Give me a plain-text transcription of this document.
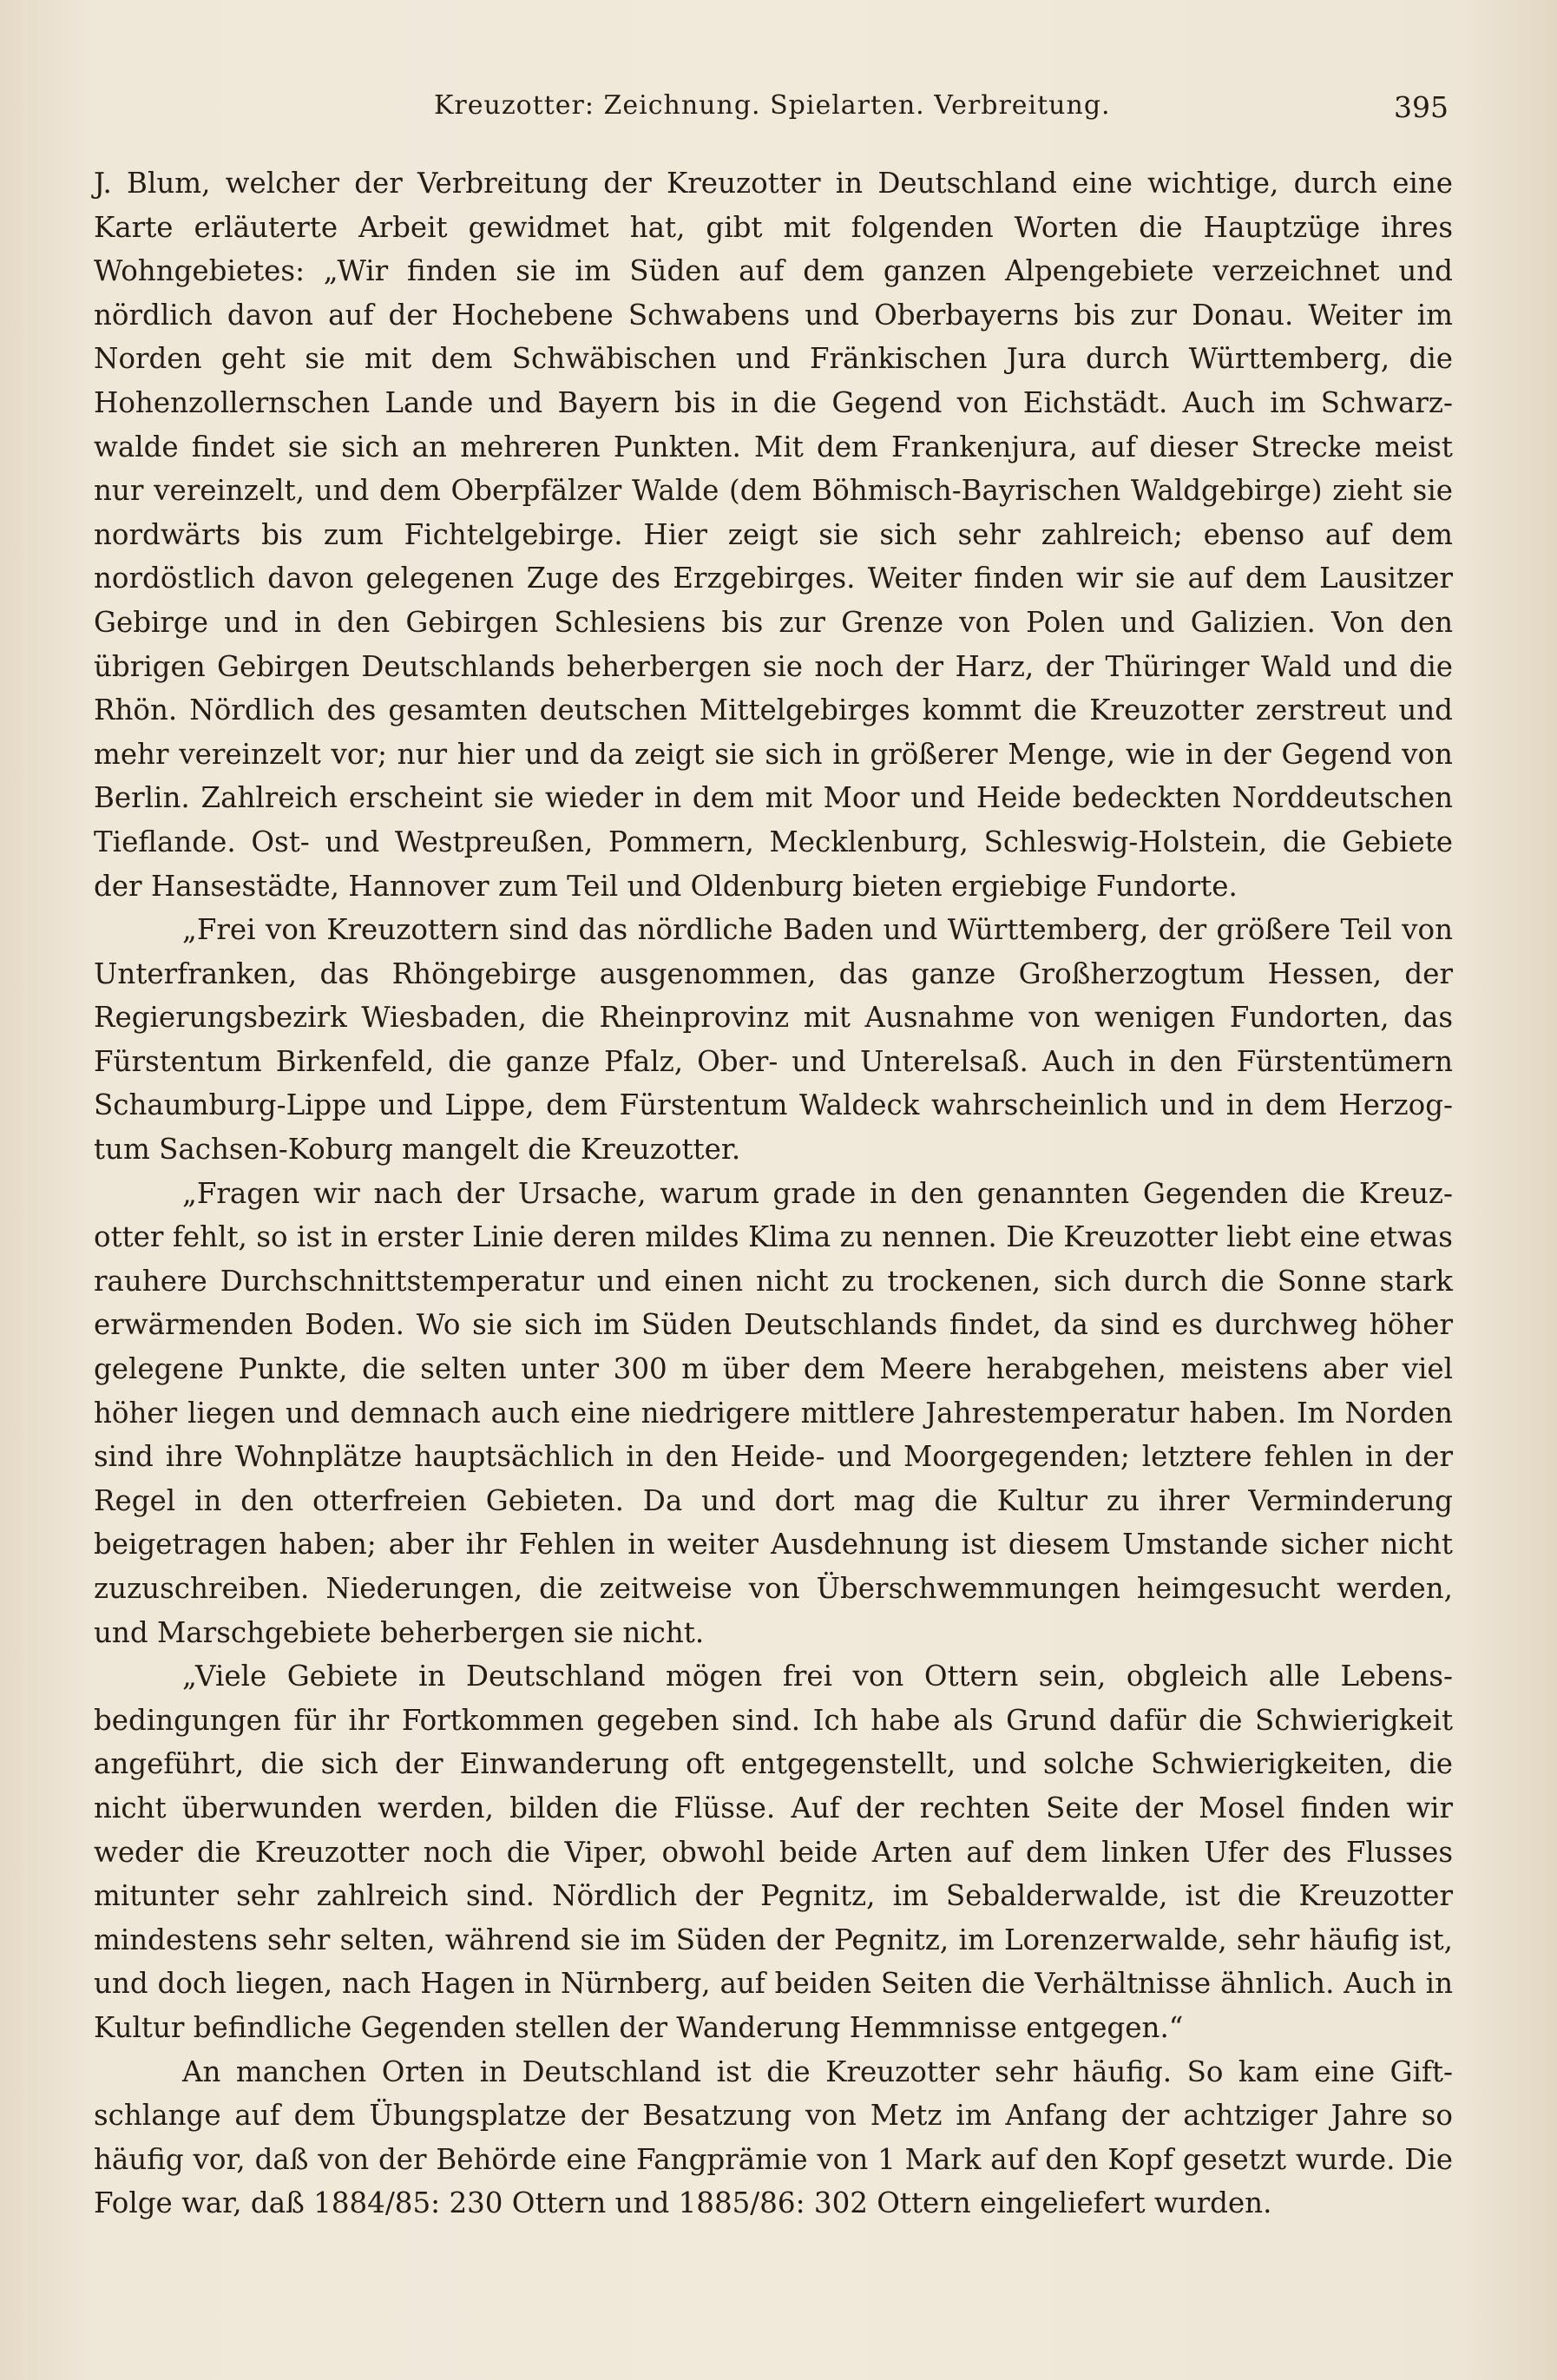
Kreuzotter: Zeichnung. Spielarten. Verbreitung.	395

J. Blum, welcher der Verbreitung der Kreuzotter in Deutschland eine wichtige, durch eine Karte erläuterte Arbeit gewidmet hat, gibt mit folgenden Worten die Hauptzüge ihres Wohngebietes: „Wir finden sie im Süden auf dem ganzen Alpengebiete verzeichnet und nördlich davon auf der Hochebene Schwabens und Oberbayerns bis zur Donau. Weiter im Norden geht sie mit dem Schwäbischen und Fränkischen Jura durch Württemberg, die Hohenzollernschen Lande und Bayern bis in die Gegend von Eichstädt. Auch im Schwarzwalde findet sie sich an mehreren Punkten. Mit dem Frankenjura, auf dieser Strecke meist nur vereinzelt, und dem Oberpfälzer Walde (dem Böhmisch-Bayrischen Waldgebirge) zieht sie nordwärts bis zum Fichtelgebirge. Hier zeigt sie sich sehr zahlreich; ebenso auf dem nordöstlich davon gelegenen Zuge des Erzgebirges. Weiter finden wir sie auf dem Lausitzer Gebirge und in den Gebirgen Schlesiens bis zur Grenze von Polen und Galizien. Von den übrigen Gebirgen Deutschlands beherbergen sie noch der Harz, der Thüringer Wald und die Rhön. Nördlich des gesamten deutschen Mittelgebirges kommt die Kreuzotter zerstreut und mehr vereinzelt vor; nur hier und da zeigt sie sich in größerer Menge, wie in der Gegend von Berlin. Zahlreich erscheint sie wieder in dem mit Moor und Heide bedeckten Norddeutschen Tieflande. Ost- und Westpreußen, Pommern, Mecklenburg, Schleswig-Holstein, die Gebiete der Hansestädte, Hannover zum Teil und Oldenburg bieten ergiebige Fundorte.

„Frei von Kreuzottern sind das nördliche Baden und Württemberg, der größere Teil von Unterfranken, das Rhöngebirge ausgenommen, das ganze Großherzogtum Hessen, der Regierungsbezirk Wiesbaden, die Rheinprovinz mit Ausnahme von wenigen Fundorten, das Fürstentum Birkenfeld, die ganze Pfalz, Ober- und Unterelsaß. Auch in den Fürstentümern Schaumburg-Lippe und Lippe, dem Fürstentum Waldeck wahrscheinlich und in dem Herzogtum Sachsen-Koburg mangelt die Kreuzotter.

„Fragen wir nach der Ursache, warum grade in den genannten Gegenden die Kreuzotter fehlt, so ist in erster Linie deren mildes Klima zu nennen. Die Kreuzotter liebt eine etwas rauhere Durchschnittstemperatur und einen nicht zu trockenen, sich durch die Sonne stark erwärmenden Boden. Wo sie sich im Süden Deutschlands findet, da sind es durchweg höher gelegene Punkte, die selten unter 300 m über dem Meere herabgehen, meistens aber viel höher liegen und demnach auch eine niedrigere mittlere Jahrestemperatur haben. Im Norden sind ihre Wohnplätze hauptsächlich in den Heide- und Moorgegenden; letztere fehlen in der Regel in den otterfreien Gebieten. Da und dort mag die Kultur zu ihrer Verminderung beigetragen haben; aber ihr Fehlen in weiter Ausdehnung ist diesem Umstande sicher nicht zuzuschreiben. Niederungen, die zeitweise von Überschwemmungen heimgesucht werden, und Marschgebiete beherbergen sie nicht.

„Viele Gebiete in Deutschland mögen frei von Ottern sein, obgleich alle Lebensbedingungen für ihr Fortkommen gegeben sind. Ich habe als Grund dafür die Schwierigkeit angeführt, die sich der Einwanderung oft entgegenstellt, und solche Schwierigkeiten, die nicht überwunden werden, bilden die Flüsse. Auf der rechten Seite der Mosel finden wir weder die Kreuzotter noch die Viper, obwohl beide Arten auf dem linken Ufer des Flusses mitunter sehr zahlreich sind. Nördlich der Pegnitz, im Sebalderwalde, ist die Kreuzotter mindestens sehr selten, während sie im Süden der Pegnitz, im Lorenzerwalde, sehr häufig ist, und doch liegen, nach Hagen in Nürnberg, auf beiden Seiten die Verhältnisse ähnlich. Auch in Kultur befindliche Gegenden stellen der Wanderung Hemmnisse entgegen.“

An manchen Orten in Deutschland ist die Kreuzotter sehr häufig. So kam eine Giftschlange auf dem Übungsplatze der Besatzung von Metz im Anfang der achtziger Jahre so häufig vor, daß von der Behörde eine Fangprämie von 1 Mark auf den Kopf gesetzt wurde. Die Folge war, daß 1884/85: 230 Ottern und 1885/86: 302 Ottern eingeliefert wurden.
